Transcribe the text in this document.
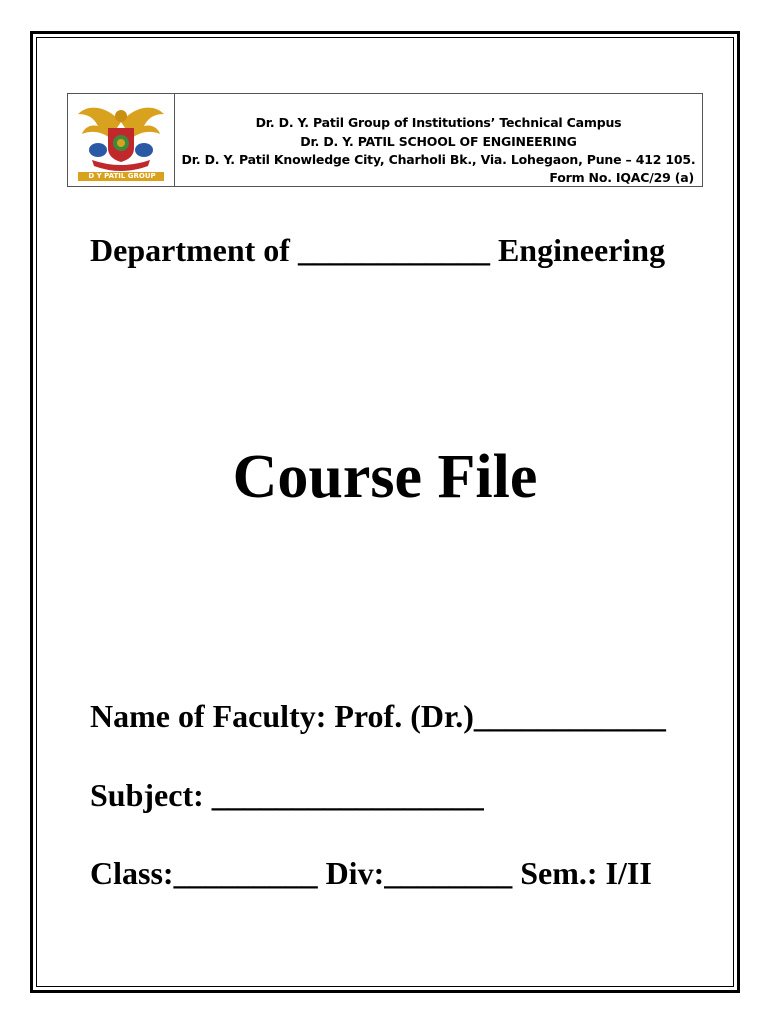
D Y PATIL GROUP
Dr. D. Y. Patil Group of Institutions’ Technical Campus
Dr. D. Y. PATIL SCHOOL OF ENGINEERING
Dr. D. Y. Patil Knowledge City, Charholi Bk., Via. Lohegaon, Pune – 412 105.
Form No. IQAC/29 (a)
Department of ____________ Engineering
Course File
Name of Faculty: Prof. (Dr.)____________
Subject: _________________
Class:_________ Div:________ Sem.: I/II
